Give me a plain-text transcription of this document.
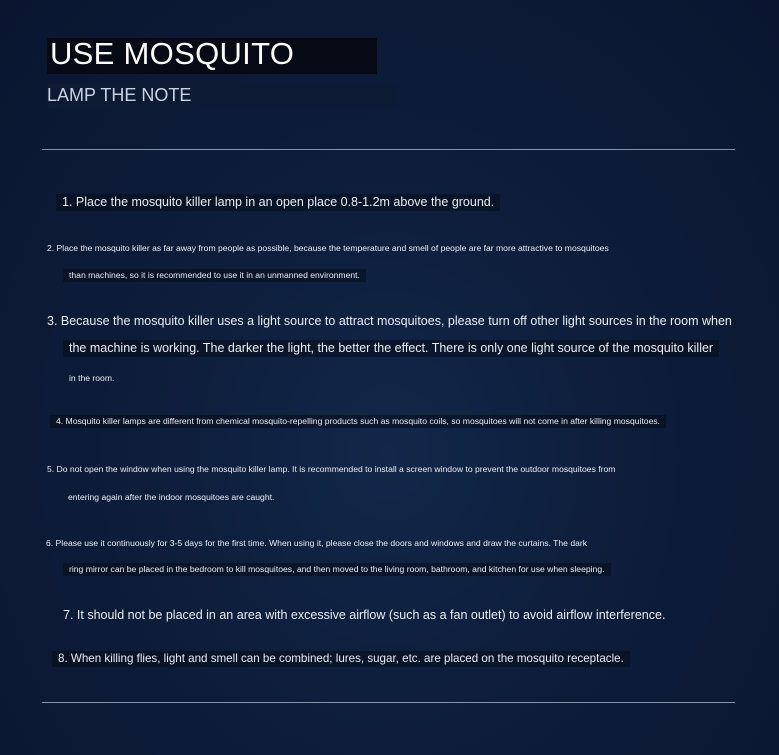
USE MOSQUITO
LAMP THE NOTE
1. Place the mosquito killer lamp in an open place 0.8-1.2m above the ground.
2. Place the mosquito killer as far away from people as possible, because the temperature and smell of people are far more attractive to mosquitoes
than machines, so it is recommended to use it in an unmanned environment.
3. Because the mosquito killer uses a light source to attract mosquitoes, please turn off other light sources in the room when
the machine is working. The darker the light, the better the effect. There is only one light source of the mosquito killer
in the room.
4. Mosquito killer lamps are different from chemical mosquito-repelling products such as mosquito coils, so mosquitoes will not come in after killing mosquitoes.
5. Do not open the window when using the mosquito killer lamp. It is recommended to install a screen window to prevent the outdoor mosquitoes from
entering again after the indoor mosquitoes are caught.
6. Please use it continuously for 3-5 days for the first time. When using it, please close the doors and windows and draw the curtains. The dark
ring mirror can be placed in the bedroom to kill mosquitoes, and then moved to the living room, bathroom, and kitchen for use when sleeping.
7. It should not be placed in an area with excessive airflow (such as a fan outlet) to avoid airflow interference.
8. When killing flies, light and smell can be combined; lures, sugar, etc. are placed on the mosquito receptacle.
